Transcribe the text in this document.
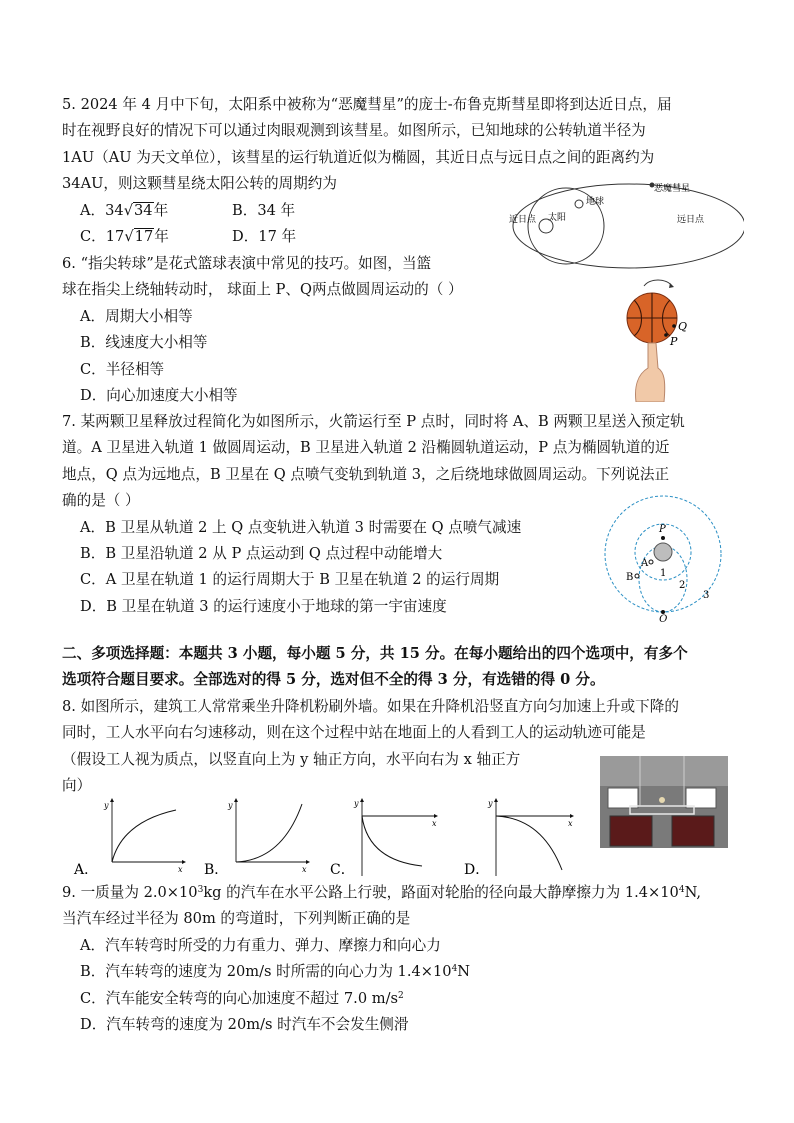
5. 2024 年 4 月中下旬，太阳系中被称为“恶魔彗星”的庞士-布鲁克斯彗星即将到达近日点，届
时在视野良好的情况下可以通过肉眼观测到该彗星。如图所示，已知地球的公转轨道半径为
1AU（AU 为天文单位），该彗星的运行轨道近似为椭圆，其近日点与远日点之间的距离约为
34AU，则这颗彗星绕太阳公转的周期约为
A．34√34年	B．34 年
C．17√17年	D．17 年
恶魔彗星
地球
太阳
近日点	远日点
6. “指尖转球”是花式篮球表演中常见的技巧。如图，当篮
球在指尖上绕轴转动时， 球面上 P、Q两点做圆周运动的（ ）
A．周期大小相等
B．线速度大小相等
C．半径相等
D．向心加速度大小相等
Q
P
7. 某两颗卫星释放过程简化为如图所示，火箭运行至 P 点时，同时将 A、B 两颗卫星送入预定轨
道。A 卫星进入轨道 1 做圆周运动，B 卫星进入轨道 2 沿椭圆轨道运动，P 点为椭圆轨道的近
地点，Q 点为远地点，B 卫星在 Q 点喷气变轨到轨道 3，之后绕地球做圆周运动。下列说法正
确的是（ ）
A．B 卫星从轨道 2 上 Q 点变轨进入轨道 3 时需要在 Q 点喷气减速
B．B 卫星沿轨道 2 从 P 点运动到 Q 点过程中动能增大
C．A 卫星在轨道 1 的运行周期大于 B 卫星在轨道 2 的运行周期
D．B 卫星在轨道 3 的运行速度小于地球的第一宇宙速度
P
A
B
Q
1
2
3
二、多项选择题：本题共 3 小题，每小题 5 分，共 15 分。在每小题给出的四个选项中，有多个
选项符合题目要求。全部选对的得 5 分，选对但不全的得 3 分，有选错的得 0 分。
8. 如图所示，建筑工人常常乘坐升降机粉刷外墙。如果在升降机沿竖直方向匀加速上升或下降的
同时，工人水平向右匀速移动，则在这个过程中站在地面上的人看到工人的运动轨迹可能是
（假设工人视为质点，以竖直向上为 y 轴正方向，水平向右为 x 轴正方
向）
A．
y
x B．
y
x C．
y
x
D．
y
x
9. 一质量为 $2.0\times 10^3kg$ 的汽车在水平公路上行驶，路面对轮胎的径向最大静摩擦力为 $1.4\times 10^4N$,
当汽车经过半径为 80m 的弯道时，下列判断正确的是
A．汽车转弯时所受的力有重力、弹力、摩擦力和向心力
B．汽车转弯的速度为 20m/s 时所需的向心力为 $1.4\times 10^4N$
C．汽车能安全转弯的向心加速度不超过 7.0 $m/s^2$
D．汽车转弯的速度为 20m/s 时汽车不会发生侧滑
